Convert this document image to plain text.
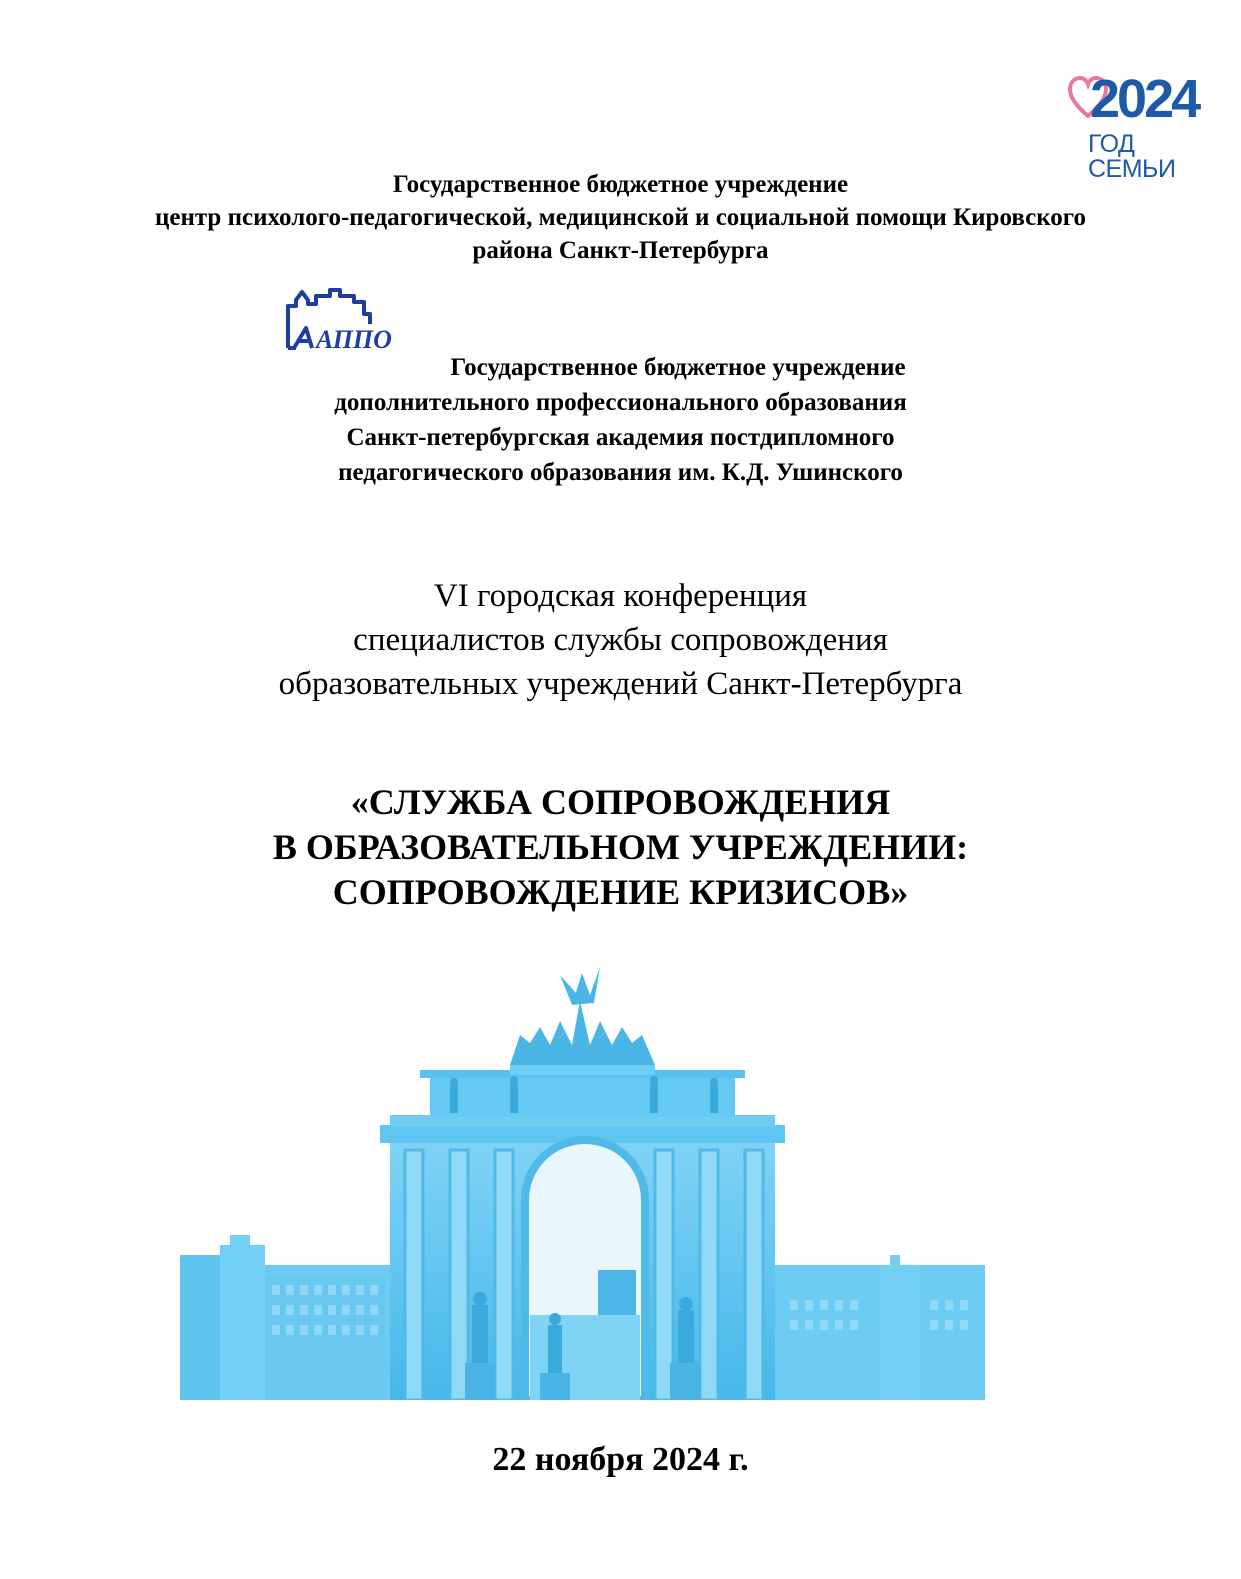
2024
ГОД СЕМЬИ
Государственное бюджетное учреждение
центр психолого-педагогической, медицинской и социальной помощи Кировского
района Санкт-Петербурга
АППО
Государственное бюджетное учреждение
дополнительного профессионального образования
Санкт-петербургская академия постдипломного
педагогического образования им. К.Д. Ушинского
VI городская конференция
специалистов службы сопровождения
образовательных учреждений Санкт-Петербурга
«СЛУЖБА СОПРОВОЖДЕНИЯ
В ОБРАЗОВАТЕЛЬНОМ УЧРЕЖДЕНИИ:
СОПРОВОЖДЕНИЕ КРИЗИСОВ»
22 ноября 2024 г.
